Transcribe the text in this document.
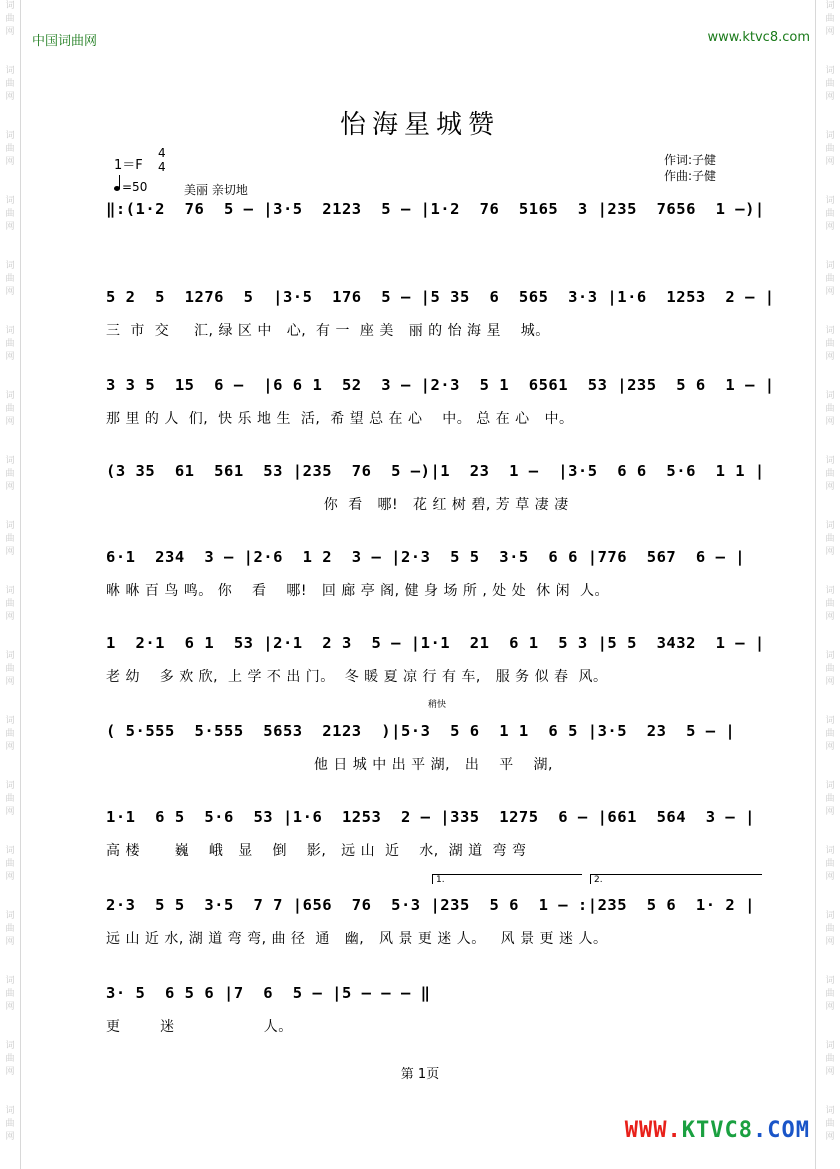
词
曲
网

词
曲
网

词
曲
网

词
曲
网

词
曲
网

词
曲
网

词
曲
网

词
曲
网

词
曲
网

词
曲
网

词
曲
网

词
曲
网

词
曲
网

词
曲
网

词
曲
网

词
曲
网

词
曲
网

词
曲
网
词
曲
网

词
曲
网

词
曲
网

词
曲
网

词
曲
网

词
曲
网

词
曲
网

词
曲
网

词
曲
网

词
曲
网

词
曲
网

词
曲
网

词
曲
网

词
曲
网

词
曲
网

词
曲
网

词
曲
网

词
曲
网
中国词曲网	www.ktvc8.com
怡海星城赞
1＝F
4
4
=50	美丽 亲切地
作词:子健
作曲:子健
‖:(1·2  76  5 – |3·5  2123  5 – |1·2  76  5165  3 |235  7656  1 –)|
5 2  5  1276  5  |3·5  176  5 – |5 35  6  565  3·3 |1·6  1253  2 – |
三  市  交     汇, 绿 区 中   心,  有 一  座 美   丽 的 怡 海 星    城。
3 3 5  15  6 –  |6 6 1  52  3 – |2·3  5 1  6561  53 |235  5 6  1 – |
那 里 的 人  们,  快 乐 地 生  活,  希 望 总 在 心    中。 总 在 心   中。
(3 35  61  561  53 |235  76  5 –)|1  23  1 –  |3·5  6 6  5·6  1 1 |
你  看   哪!   花 红 树 碧, 芳 草 凄 凄
6·1  234  3 – |2·6  1 2  3 – |2·3  5 5  3·5  6 6 |776  567  6 – |
咻 咻 百 鸟 鸣。 你    看    哪!   回 廊 亭 阁, 健 身 场 所 , 处 处  休 闲  人。
1  2·1  6 1  53 |2·1  2 3  5 – |1·1  21  6 1  5 3 |5 5  3432  1 – |
老 幼    多 欢 欣,  上 学 不 出 门。  冬 暖 夏 凉 行 有 车,   服 务 似 春  风。
稍快
( 5·555  5·555  5653  2123  )|5·3  5 6  1 1  6 5 |3·5  23  5 – |
他 日 城 中 出 平 湖,   出    平    湖,
1·1  6 5  5·6  53 |1·6  1253  2 – |335  1275  6 – |661  564  3 – |
高 楼       巍    峨   显    倒    影,   远 山  近    水,  湖 道  弯 弯
1.	2.
2·3  5 5  3·5  7 7 |656  76  5·3 |235  5 6  1 – :|235  5 6  1· 2 |
远 山 近 水, 湖 道 弯 弯, 曲 径  通   幽,   风 景 更 迷 人。   风 景 更 迷 人。
3· 5  6 5 6 |7  6  5 – |5 – – – ‖
更        迷                  人。
第 1页
WWW.KTVC8.COM
